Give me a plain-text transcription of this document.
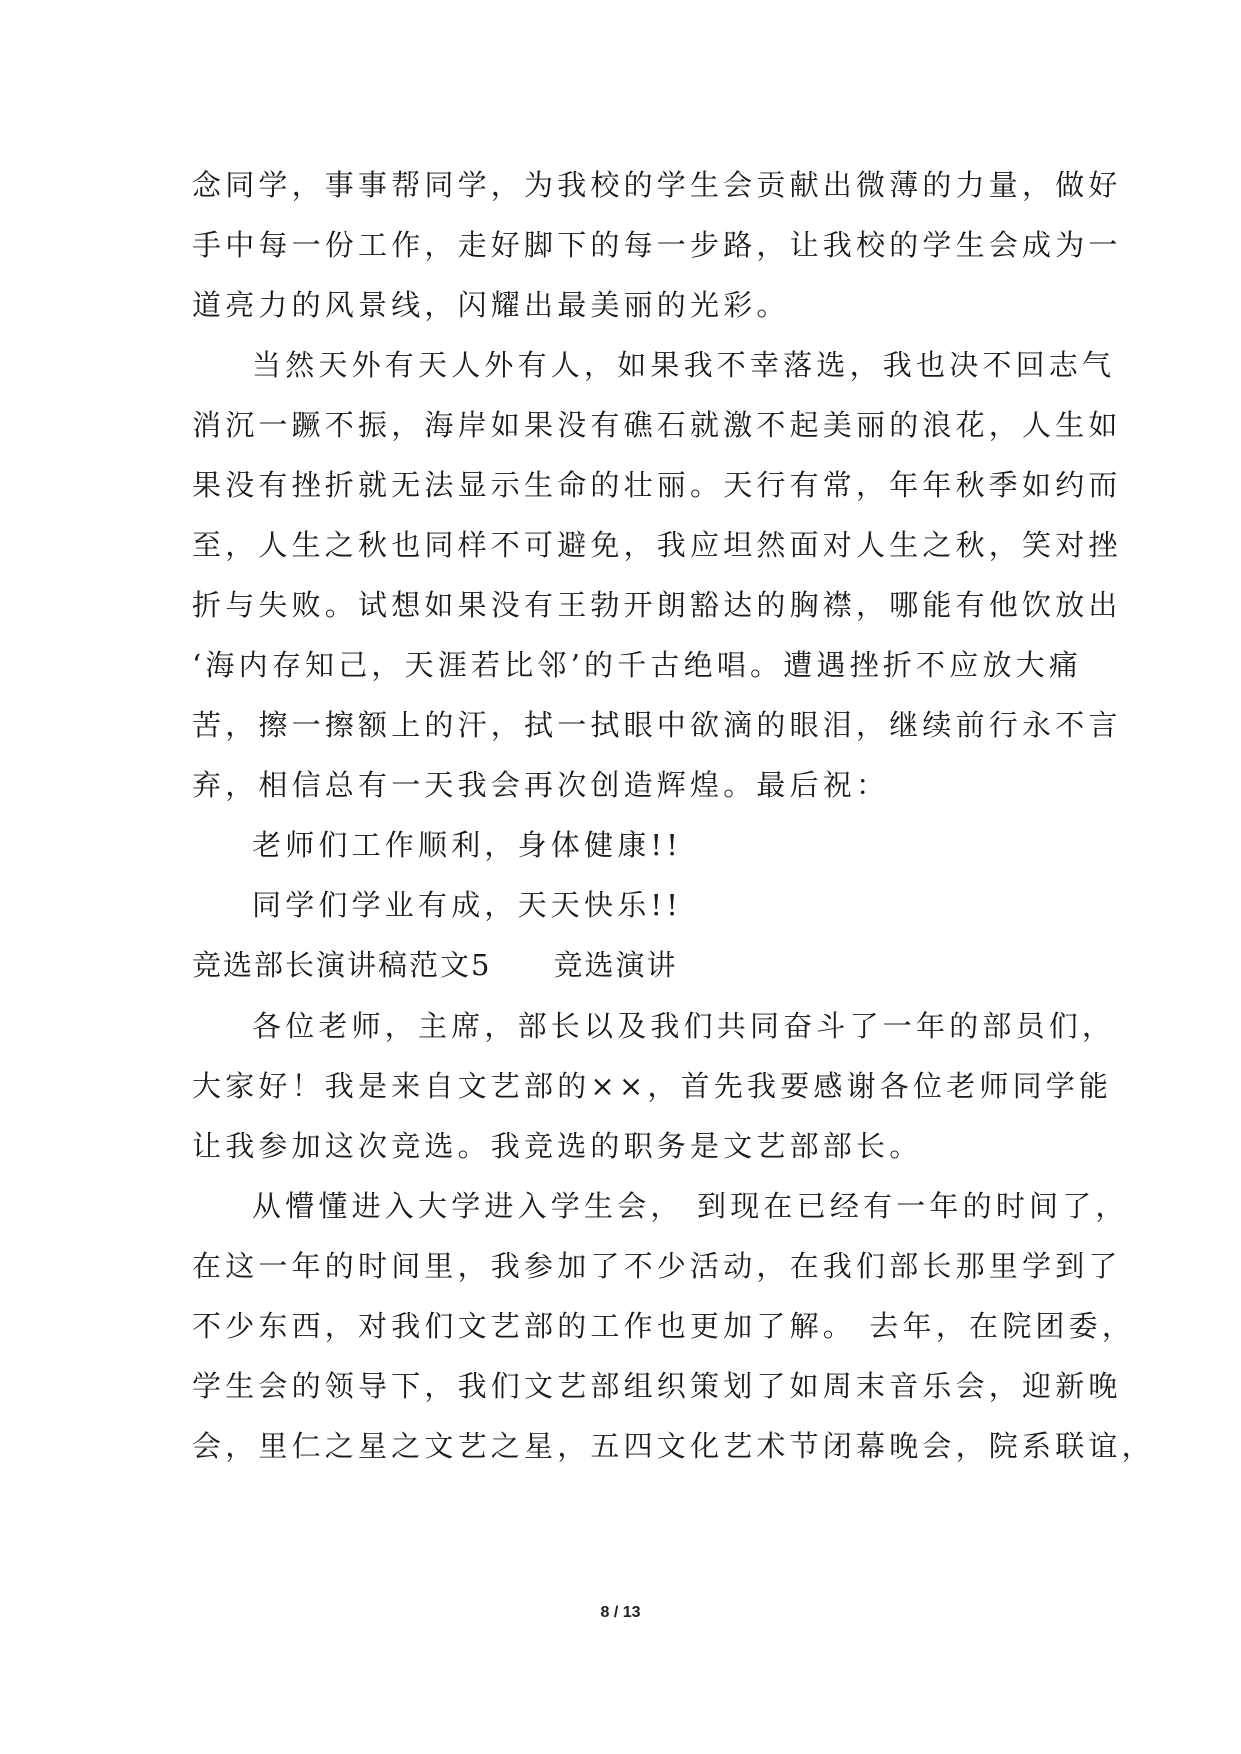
念同学，事事帮同学，为我校的学生会贡献出微薄的力量，做好
手中每一份工作，走好脚下的每一步路，让我校的学生会成为一
道亮力的风景线，闪耀出最美丽的光彩。
当然天外有天人外有人，如果我不幸落选，我也决不回志气
消沉一蹶不振，海岸如果没有礁石就激不起美丽的浪花，人生如
果没有挫折就无法显示生命的壮丽。天行有常，年年秋季如约而
至，人生之秋也同样不可避免，我应坦然面对人生之秋，笑对挫
折与失败。试想如果没有王勃开朗豁达的胸襟，哪能有他饮放出
‘海内存知己，天涯若比邻’的千古绝唱。遭遇挫折不应放大痛
苦，擦一擦额上的汗，拭一拭眼中欲滴的眼泪，继续前行永不言
弃，相信总有一天我会再次创造辉煌。最后祝：
老师们工作顺利，身体健康!!
同学们学业有成，天天快乐!!
竞选部长演讲稿范文5　　竞选演讲
各位老师，主席，部长以及我们共同奋斗了一年的部员们，
大家好！我是来自文艺部的××，首先我要感谢各位老师同学能
让我参加这次竞选。我竞选的职务是文艺部部长。
从懵懂进入大学进入学生会， 到现在已经有一年的时间了，
在这一年的时间里，我参加了不少活动，在我们部长那里学到了
不少东西，对我们文艺部的工作也更加了解。 去年，在院团委，
学生会的领导下，我们文艺部组织策划了如周末音乐会，迎新晚
会，里仁之星之文艺之星，五四文化艺术节闭幕晚会，院系联谊，
8 / 13
